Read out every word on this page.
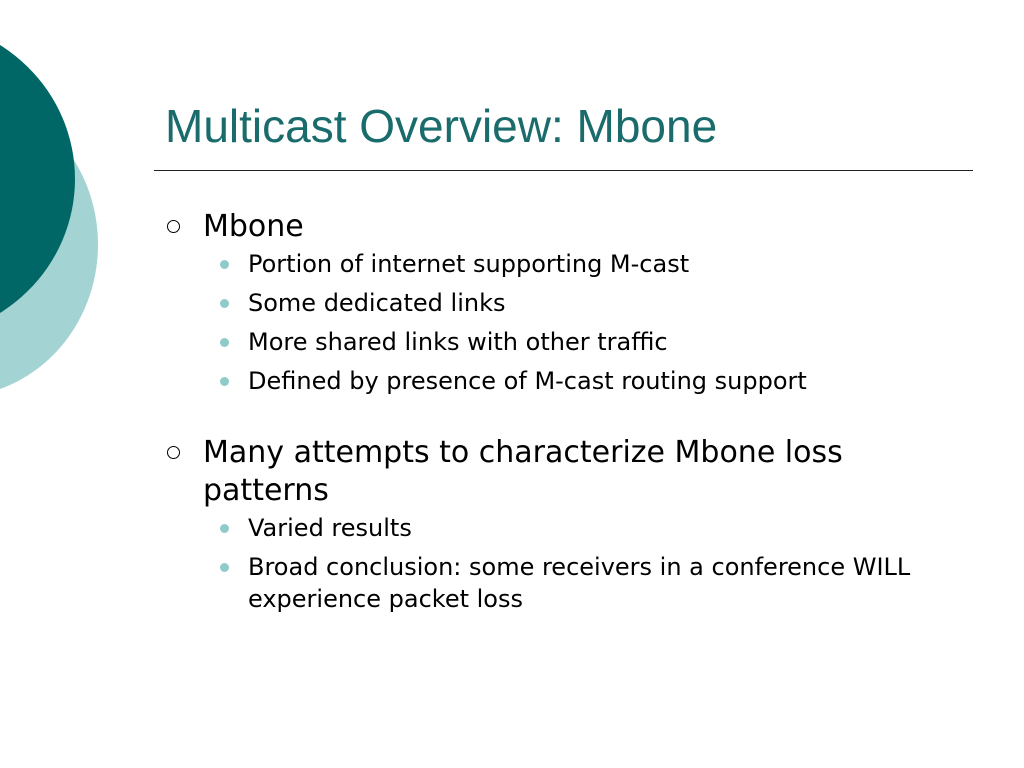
Multicast Overview: Mbone
Mbone
Portion of internet supporting M-cast
Some dedicated links
More shared links with other traffic
Defined by presence of M-cast routing support
Many attempts to characterize Mbone loss patterns
Varied results
Broad conclusion: some receivers in a conference WILL experience packet loss
